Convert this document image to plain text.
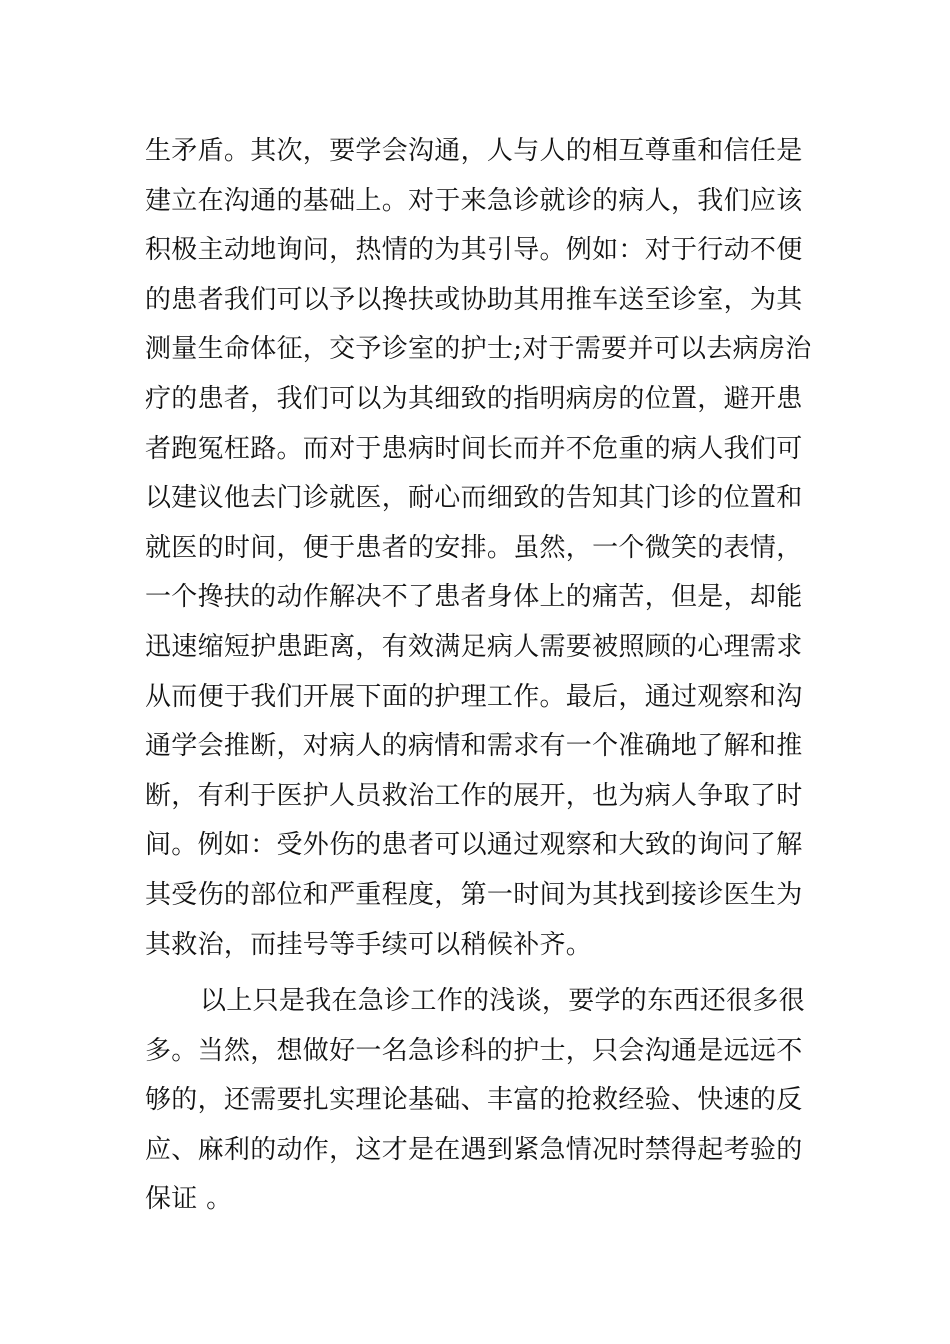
生矛盾。其次，要学会沟通，人与人的相互尊重和信任是
建立在沟通的基础上。对于来急诊就诊的病人，我们应该
积极主动地询问，热情的为其引导。例如：对于行动不便
的患者我们可以予以搀扶或协助其用推车送至诊室，为其
测量生命体征，交予诊室的护士;对于需要并可以去病房治
疗的患者，我们可以为其细致的指明病房的位置，避开患
者跑冤枉路。而对于患病时间长而并不危重的病人我们可
以建议他去门诊就医，耐心而细致的告知其门诊的位置和
就医的时间，便于患者的安排。虽然，一个微笑的表情，
一个搀扶的动作解决不了患者身体上的痛苦，但是，却能
迅速缩短护患距离，有效满足病人需要被照顾的心理需求
从而便于我们开展下面的护理工作。最后，通过观察和沟
通学会推断，对病人的病情和需求有一个准确地了解和推
断，有利于医护人员救治工作的展开，也为病人争取了时
间。例如：受外伤的患者可以通过观察和大致的询问了解
其受伤的部位和严重程度，第一时间为其找到接诊医生为
其救治，而挂号等手续可以稍候补齐。
以上只是我在急诊工作的浅谈，要学的东西还很多很
多。当然，想做好一名急诊科的护士，只会沟通是远远不
够的，还需要扎实理论基础、丰富的抢救经验、快速的反
应、麻利的动作，这才是在遇到紧急情况时禁得起考验的
保证 。
